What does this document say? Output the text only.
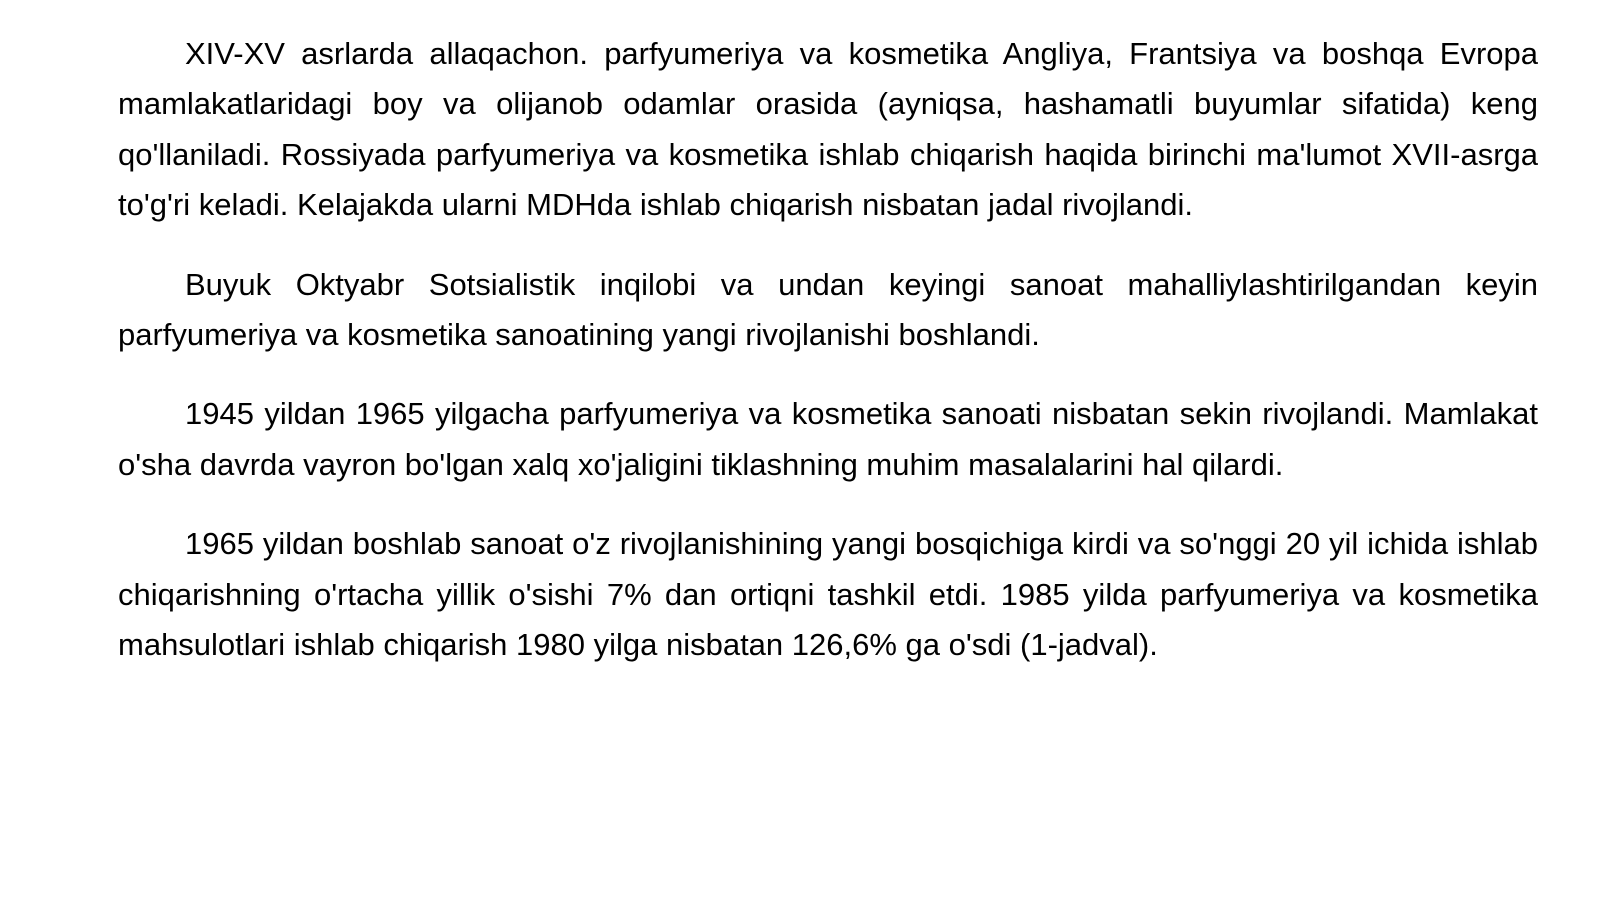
XIV-XV asrlarda allaqachon. parfyumeriya va kosmetika Angliya, Frantsiya va boshqa Evropa mamlakatlaridagi boy va olijanob odamlar orasida (ayniqsa, hashamatli buyumlar sifatida) keng qo'llaniladi. Rossiyada parfyumeriya va kosmetika ishlab chiqarish haqida birinchi ma'lumot XVII-asrga to'g'ri keladi. Kelajakda ularni MDHda ishlab chiqarish nisbatan jadal rivojlandi.

Buyuk Oktyabr Sotsialistik inqilobi va undan keyingi sanoat mahalliylashtirilgandan keyin parfyumeriya va kosmetika sanoatining yangi rivojlanishi boshlandi.

1945 yildan 1965 yilgacha parfyumeriya va kosmetika sanoati nisbatan sekin rivojlandi. Mamlakat o'sha davrda vayron bo'lgan xalq xo'jaligini tiklashning muhim masalalarini hal qilardi.

1965 yildan boshlab sanoat o'z rivojlanishining yangi bosqichiga kirdi va so'nggi 20 yil ichida ishlab chiqarishning o'rtacha yillik o'sishi 7% dan ortiqni tashkil etdi. 1985 yilda parfyumeriya va kosmetika mahsulotlari ishlab chiqarish 1980 yilga nisbatan 126,6% ga o'sdi (1-jadval).
